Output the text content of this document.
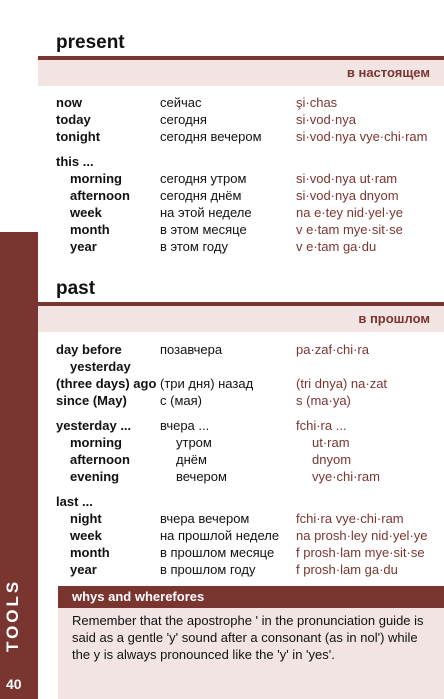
TOOLS
40
present
в настоящем
now	сейчас	şi·chas
today	сегодня	si·vod·nya
tonight	сегодня вечером	si·vod·nya vye·chi·ram
this ...
morning	сегодня утром	si·vod·nya ut·ram
afternoon сегодня днём	si·vod·nya dnyom
week	на этой неделе	na e·tey nid·yel·ye
month	в этом месяце	v e·tam mye·sit·se
year	в этом году	v e·tam ga·du
past
в прошлом
day before	позавчера	pa·zaf·chi·ra
yesterday
(three days) ago (три дня) назад	(tri dnya) na·zat
since (May)	с (мая)	s (ma·ya)
yesterday ... вчера ...	fchi·ra ...
morning	утром	ut·ram
afternoon	днём	dnyom
evening	вечером	vye·chi·ram
last ...
night	вчера вечером	fchi·ra vye·chi·ram
week	на прошлой неделе na prosh·ley nid·yel·ye
month	в прошлом месяце f prosh·lam mye·sit·se
year	в прошлом году	f prosh·lam ga·du
whys and wherefores

Remember that the apostrophe ' in the pronunciation guide is said as a gentle 'y' sound after a consonant (as in nol') while the y is always pronounced like the 'y' in 'yes'.
